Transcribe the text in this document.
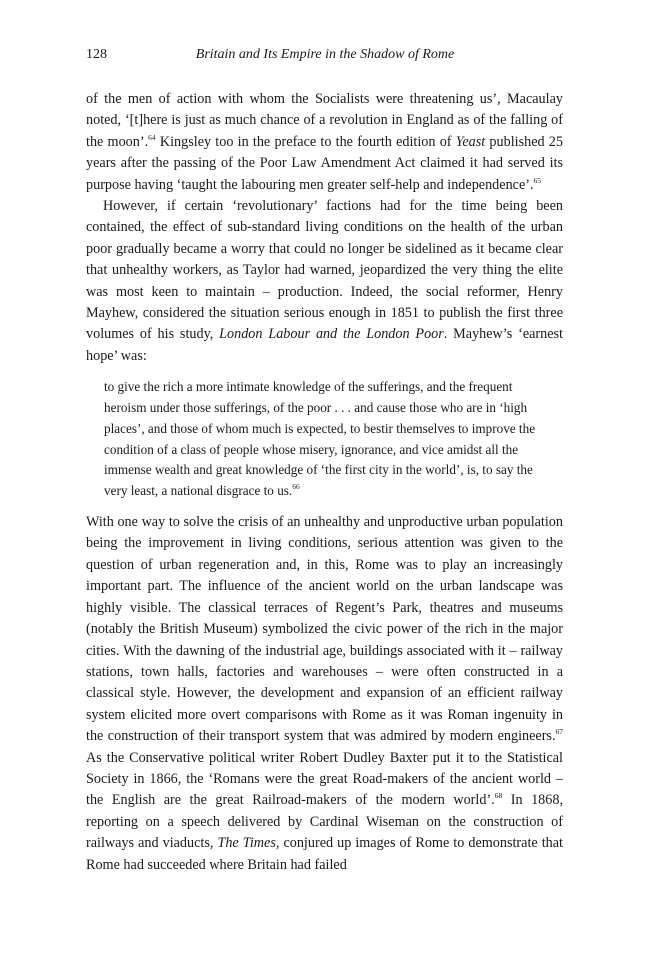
128	Britain and Its Empire in the Shadow of Rome

of the men of action with whom the Socialists were threatening us’, Macaulay noted, ‘[t]here is just as much chance of a revolution in England as of the falling of the moon’.$^{64}$ Kingsley too in the preface to the fourth edition of Yeast published 25 years after the passing of the Poor Law Amendment Act claimed it had served its purpose having ‘taught the labouring men greater self-help and independence’.$^{65}$

However, if certain ‘revolutionary’ factions had for the time being been contained, the effect of sub-standard living conditions on the health of the urban poor gradually became a worry that could no longer be sidelined as it became clear that unhealthy workers, as Taylor had warned, jeopardized the very thing the elite was most keen to maintain – production. Indeed, the social reformer, Henry Mayhew, considered the situation serious enough in 1851 to publish the first three volumes of his study, London Labour and the London Poor. Mayhew’s ‘earnest hope’ was:

to give the rich a more intimate knowledge of the sufferings, and the frequent heroism under those sufferings, of the poor . . . and cause those who are in ‘high places’, and those of whom much is expected, to bestir themselves to improve the condition of a class of people whose misery, ignorance, and vice amidst all the immense wealth and great knowledge of ‘the first city in the world’, is, to say the very least, a national disgrace to us.$^{66}$

With one way to solve the crisis of an unhealthy and unproductive urban population being the improvement in living conditions, serious attention was given to the question of urban regeneration and, in this, Rome was to play an increasingly important part. The influence of the ancient world on the urban landscape was highly visible. The classical terraces of Regent’s Park, theatres and museums (notably the British Museum) symbolized the civic power of the rich in the major cities. With the dawning of the industrial age, buildings associated with it – railway stations, town halls, factories and warehouses – were often constructed in a classical style. However, the development and expansion of an efficient railway system elicited more overt comparisons with Rome as it was Roman ingenuity in the construction of their transport system that was admired by modern engineers.$^{67}$ As the Conservative political writer Robert Dudley Baxter put it to the Statistical Society in 1866, the ‘Romans were the great Road-makers of the ancient world – the English are the great Railroad-makers of the modern world’.$^{68}$ In 1868, reporting on a speech delivered by Cardinal Wiseman on the construction of railways and viaducts, The Times, conjured up images of Rome to demonstrate that Rome had succeeded where Britain had failed
